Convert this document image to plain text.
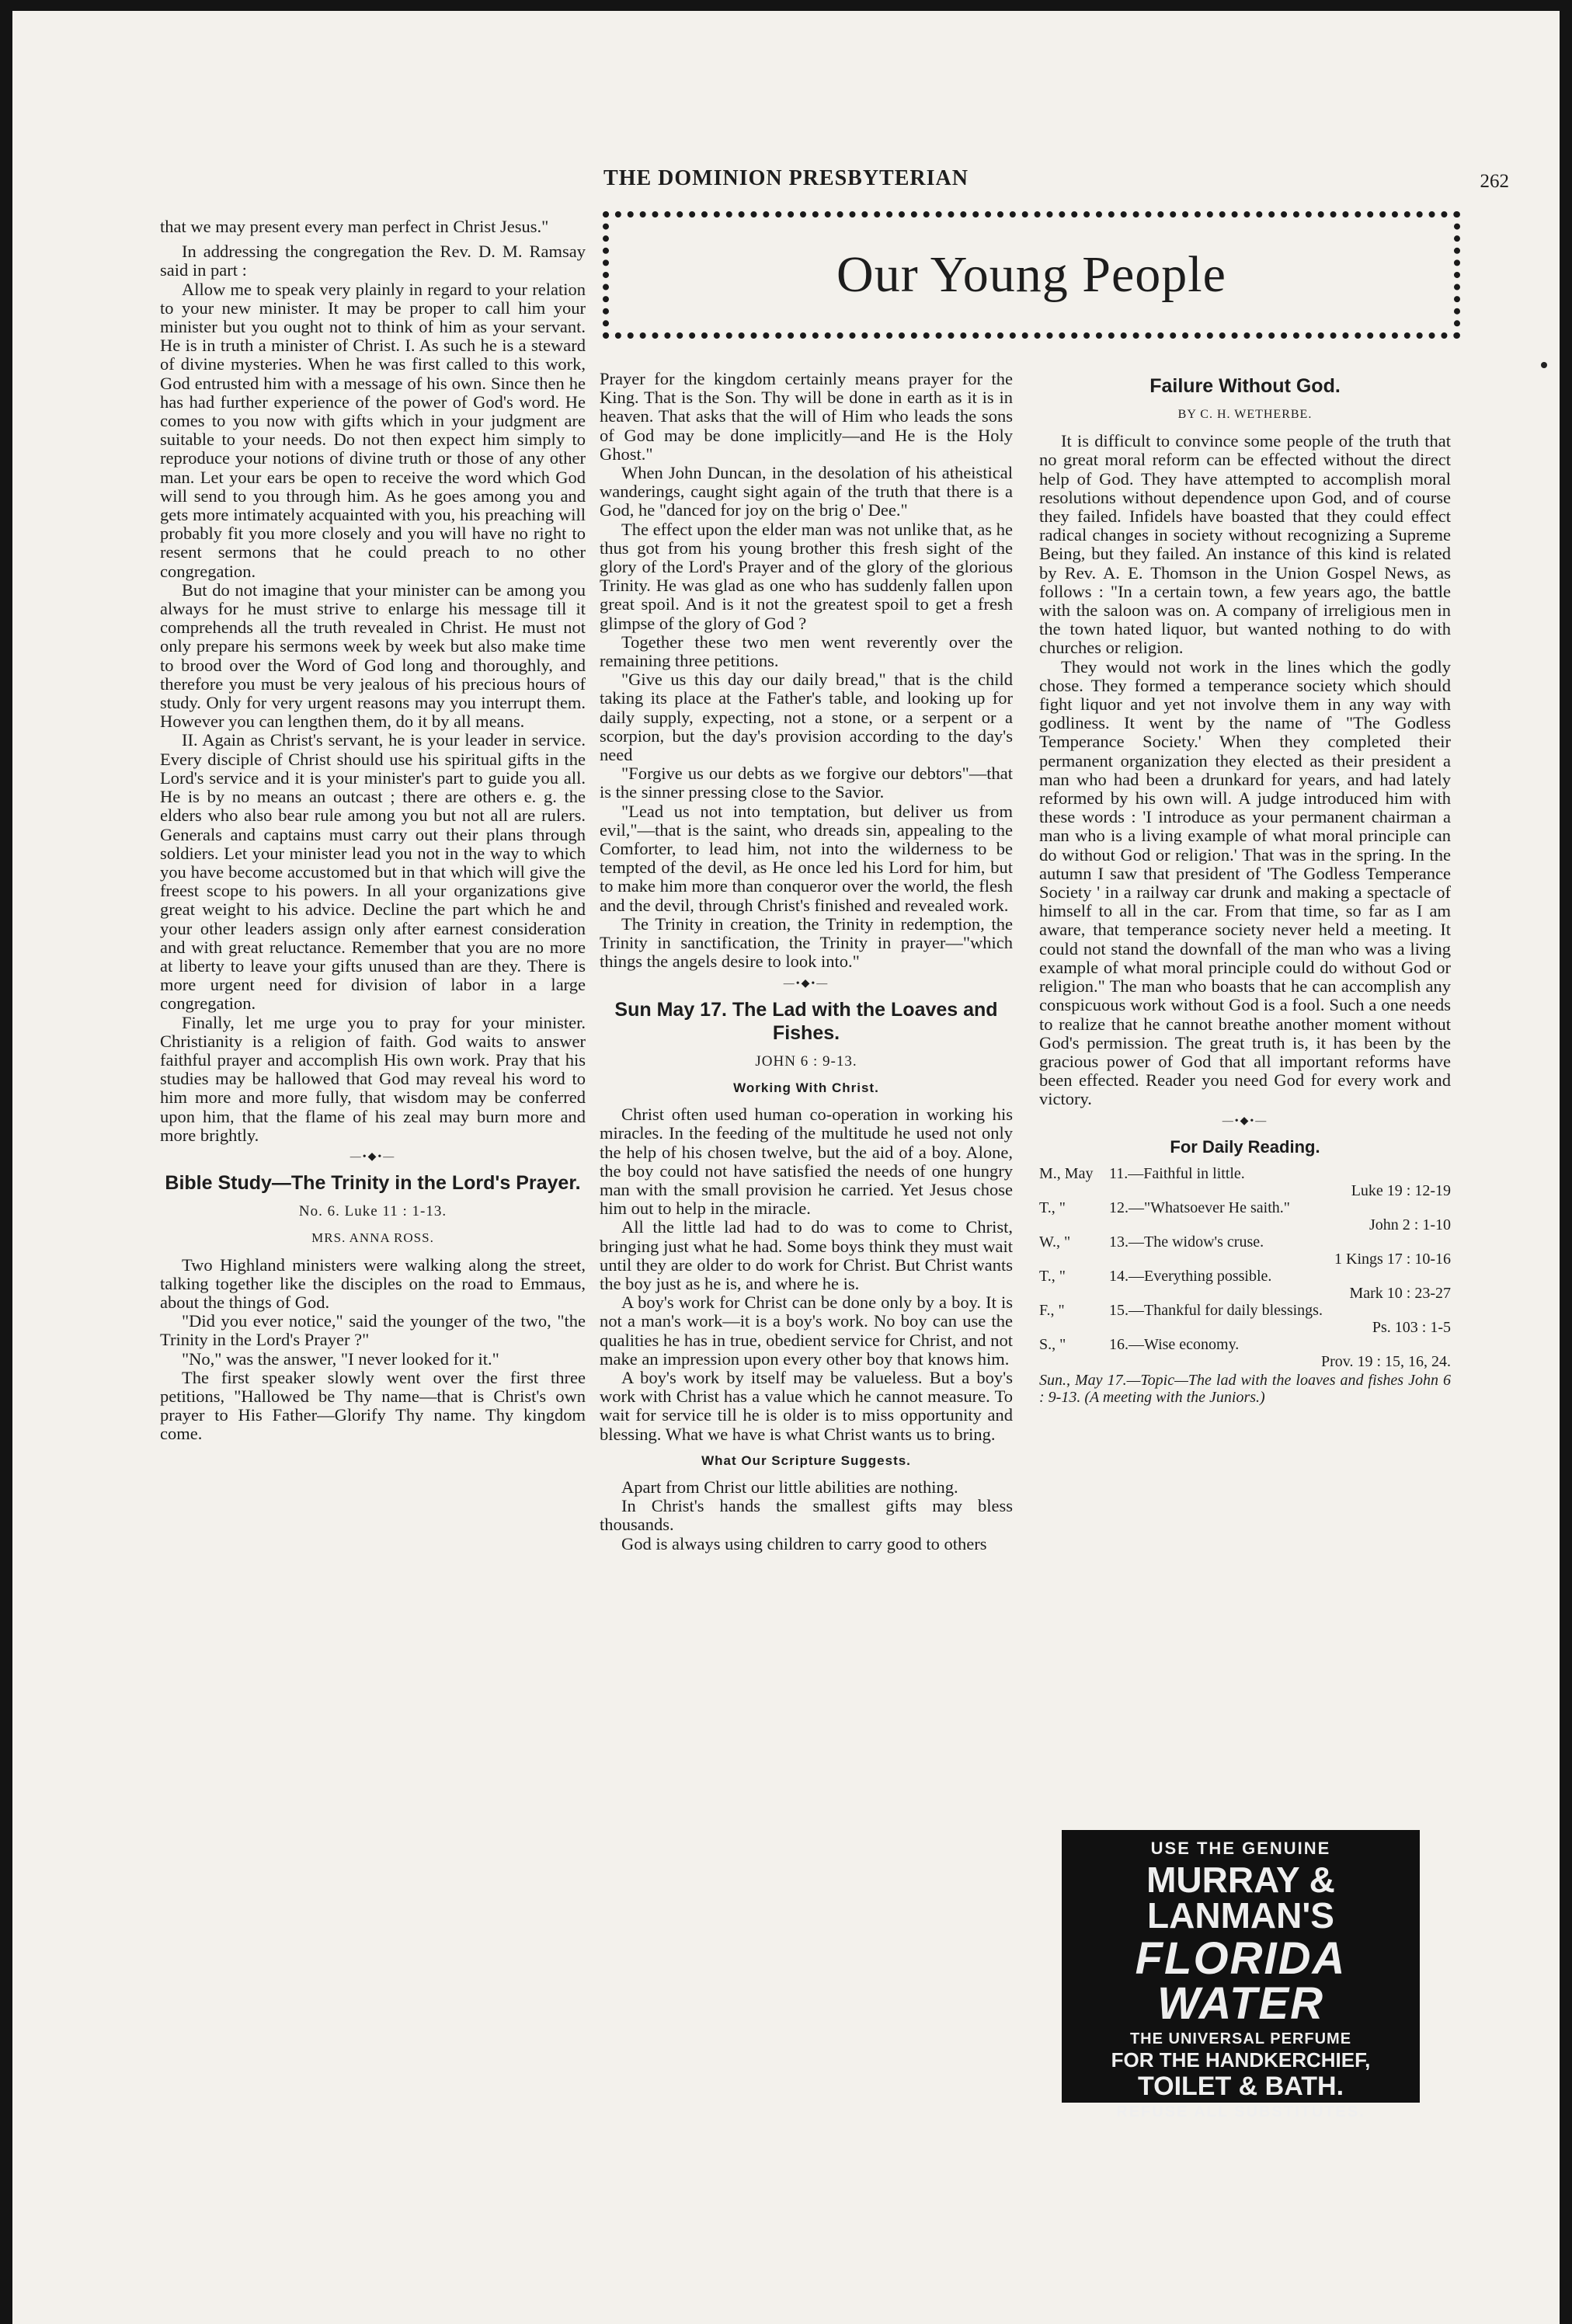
THE DOMINION PRESBYTERIAN	262
Our Young People

that we may present every man perfect in Christ Jesus."

In addressing the congregation the Rev. D. M. Ramsay said in part :

Allow me to speak very plainly in regard to your relation to your new minister. It may be proper to call him your minister but you ought not to think of him as your servant. He is in truth a minister of Christ. I. As such he is a steward of divine mysteries. When he was first called to this work, God entrusted him with a message of his own. Since then he has had further experience of the power of God's word. He comes to you now with gifts which in your judgment are suitable to your needs. Do not then expect him simply to reproduce your notions of divine truth or those of any other man. Let your ears be open to receive the word which God will send to you through him. As he goes among you and gets more intimately acquainted with you, his preaching will probably fit you more closely and you will have no right to resent sermons that he could preach to no other congregation.

But do not imagine that your minister can be among you always for he must strive to enlarge his message till it comprehends all the truth revealed in Christ. He must not only prepare his sermons week by week but also make time to brood over the Word of God long and thoroughly, and therefore you must be very jealous of his precious hours of study. Only for very urgent reasons may you interrupt them. However you can lengthen them, do it by all means.

II. Again as Christ's servant, he is your leader in service. Every disciple of Christ should use his spiritual gifts in the Lord's service and it is your minister's part to guide you all. He is by no means an outcast ; there are others e. g. the elders who also bear rule among you but not all are rulers. Generals and captains must carry out their plans through soldiers. Let your minister lead you not in the way to which you have become accustomed but in that which will give the freest scope to his powers. In all your organizations give great weight to his advice. Decline the part which he and your other leaders assign only after earnest consideration and with great reluctance. Remember that you are no more at liberty to leave your gifts unused than are they. There is more urgent need for division of labor in a large congregation.

Finally, let me urge you to pray for your minister. Christianity is a religion of faith. God waits to answer faithful prayer and accomplish His own work. Pray that his studies may be hallowed that God may reveal his word to him more and more fully, that wisdom may be conferred upon him, that the flame of his zeal may burn more and more brightly.

—•◆•—
Bible Study—The Trinity in the Lord's Prayer.
No. 6. Luke 11 : 1-13.
MRS. ANNA ROSS.

Two Highland ministers were walking along the street, talking together like the disciples on the road to Emmaus, about the things of God.

"Did you ever notice," said the younger of the two, "the Trinity in the Lord's Prayer ?"

"No," was the answer, "I never looked for it."

The first speaker slowly went over the first three petitions, "Hallowed be Thy name—that is Christ's own prayer to His Father—Glorify Thy name. Thy kingdom come.

Prayer for the kingdom certainly means prayer for the King. That is the Son. Thy will be done in earth as it is in heaven. That asks that the will of Him who leads the sons of God may be done implicitly—and He is the Holy Ghost."

When John Duncan, in the desolation of his atheistical wanderings, caught sight again of the truth that there is a God, he "danced for joy on the brig o' Dee."

The effect upon the elder man was not unlike that, as he thus got from his young brother this fresh sight of the glory of the Lord's Prayer and of the glory of the glorious Trinity. He was glad as one who has suddenly fallen upon great spoil. And is it not the greatest spoil to get a fresh glimpse of the glory of God ?

Together these two men went reverently over the remaining three petitions.

"Give us this day our daily bread," that is the child taking its place at the Father's table, and looking up for daily supply, expecting, not a stone, or a serpent or a scorpion, but the day's provision according to the day's need

"Forgive us our debts as we forgive our debtors"—that is the sinner pressing close to the Savior.

"Lead us not into temptation, but deliver us from evil,"—that is the saint, who dreads sin, appealing to the Comforter, to lead him, not into the wilderness to be tempted of the devil, as He once led his Lord for him, but to make him more than conqueror over the world, the flesh and the devil, through Christ's finished and revealed work.

The Trinity in creation, the Trinity in redemption, the Trinity in sanctification, the Trinity in prayer—"which things the angels desire to look into."

—•◆•—
Sun May 17. The Lad with the Loaves and Fishes.
JOHN 6 : 9-13.
Working With Christ.

Christ often used human co-operation in working his miracles. In the feeding of the multitude he used not only the help of his chosen twelve, but the aid of a boy. Alone, the boy could not have satisfied the needs of one hungry man with the small provision he carried. Yet Jesus chose him out to help in the miracle.

All the little lad had to do was to come to Christ, bringing just what he had. Some boys think they must wait until they are older to do work for Christ. But Christ wants the boy just as he is, and where he is.

A boy's work for Christ can be done only by a boy. It is not a man's work—it is a boy's work. No boy can use the qualities he has in true, obedient service for Christ, and not make an impression upon every other boy that knows him.

A boy's work by itself may be valueless. But a boy's work with Christ has a value which he cannot measure. To wait for service till he is older is to miss opportunity and blessing. What we have is what Christ wants us to bring.

What Our Scripture Suggests.

Apart from Christ our little abilities are nothing.

In Christ's hands the smallest gifts may bless thousands.

God is always using children to carry good to others

Failure Without God.
BY C. H. WETHERBE.

It is difficult to convince some people of the truth that no great moral reform can be effected without the direct help of God. They have attempted to accomplish moral resolutions without dependence upon God, and of course they failed. Infidels have boasted that they could effect radical changes in society without recognizing a Supreme Being, but they failed. An instance of this kind is related by Rev. A. E. Thomson in the Union Gospel News, as follows : "In a certain town, a few years ago, the battle with the saloon was on. A company of irreligious men in the town hated liquor, but wanted nothing to do with churches or religion.

They would not work in the lines which the godly chose. They formed a temperance society which should fight liquor and yet not involve them in any way with godliness. It went by the name of "The Godless Temperance Society.' When they completed their permanent organization they elected as their president a man who had been a drunkard for years, and had lately reformed by his own will. A judge introduced him with these words : 'I introduce as your permanent chairman a man who is a living example of what moral principle can do without God or religion.' That was in the spring. In the autumn I saw that president of 'The Godless Temperance Society ' in a railway car drunk and making a spectacle of himself to all in the car. From that time, so far as I am aware, that temperance society never held a meeting. It could not stand the downfall of the man who was a living example of what moral principle could do without God or religion." The man who boasts that he can accomplish any conspicuous work without God is a fool. Such a one needs to realize that he cannot breathe another moment without God's permission. The great truth is, it has been by the gracious power of God that all important reforms have been effected. Reader you need God for every work and victory.

—•◆•—
For Daily Reading.
M., May	11.—Faithful in little.
Luke 19 : 12-19
T., "	12.—"Whatsoever He saith."
John 2 : 1-10
W., "	13.—The widow's cruse.
1 Kings 17 : 10-16
T., "	14.—Everything possible.
Mark 10 : 23-27
F., "	15.—Thankful for daily blessings.
Ps. 103 : 1-5
S., "	16.—Wise economy.
Prov. 19 : 15, 16, 24.
Sun., May 17.—Topic—The lad with the loaves and fishes John 6 : 9-13. (A meeting with the Juniors.)
USE THE GENUINE
MURRAY & LANMAN'S
FLORIDA WATER
THE UNIVERSAL PERFUME
FOR THE HANDKERCHIEF,
TOILET & BATH.
REFUSE ALL SUBSTITUTES.
